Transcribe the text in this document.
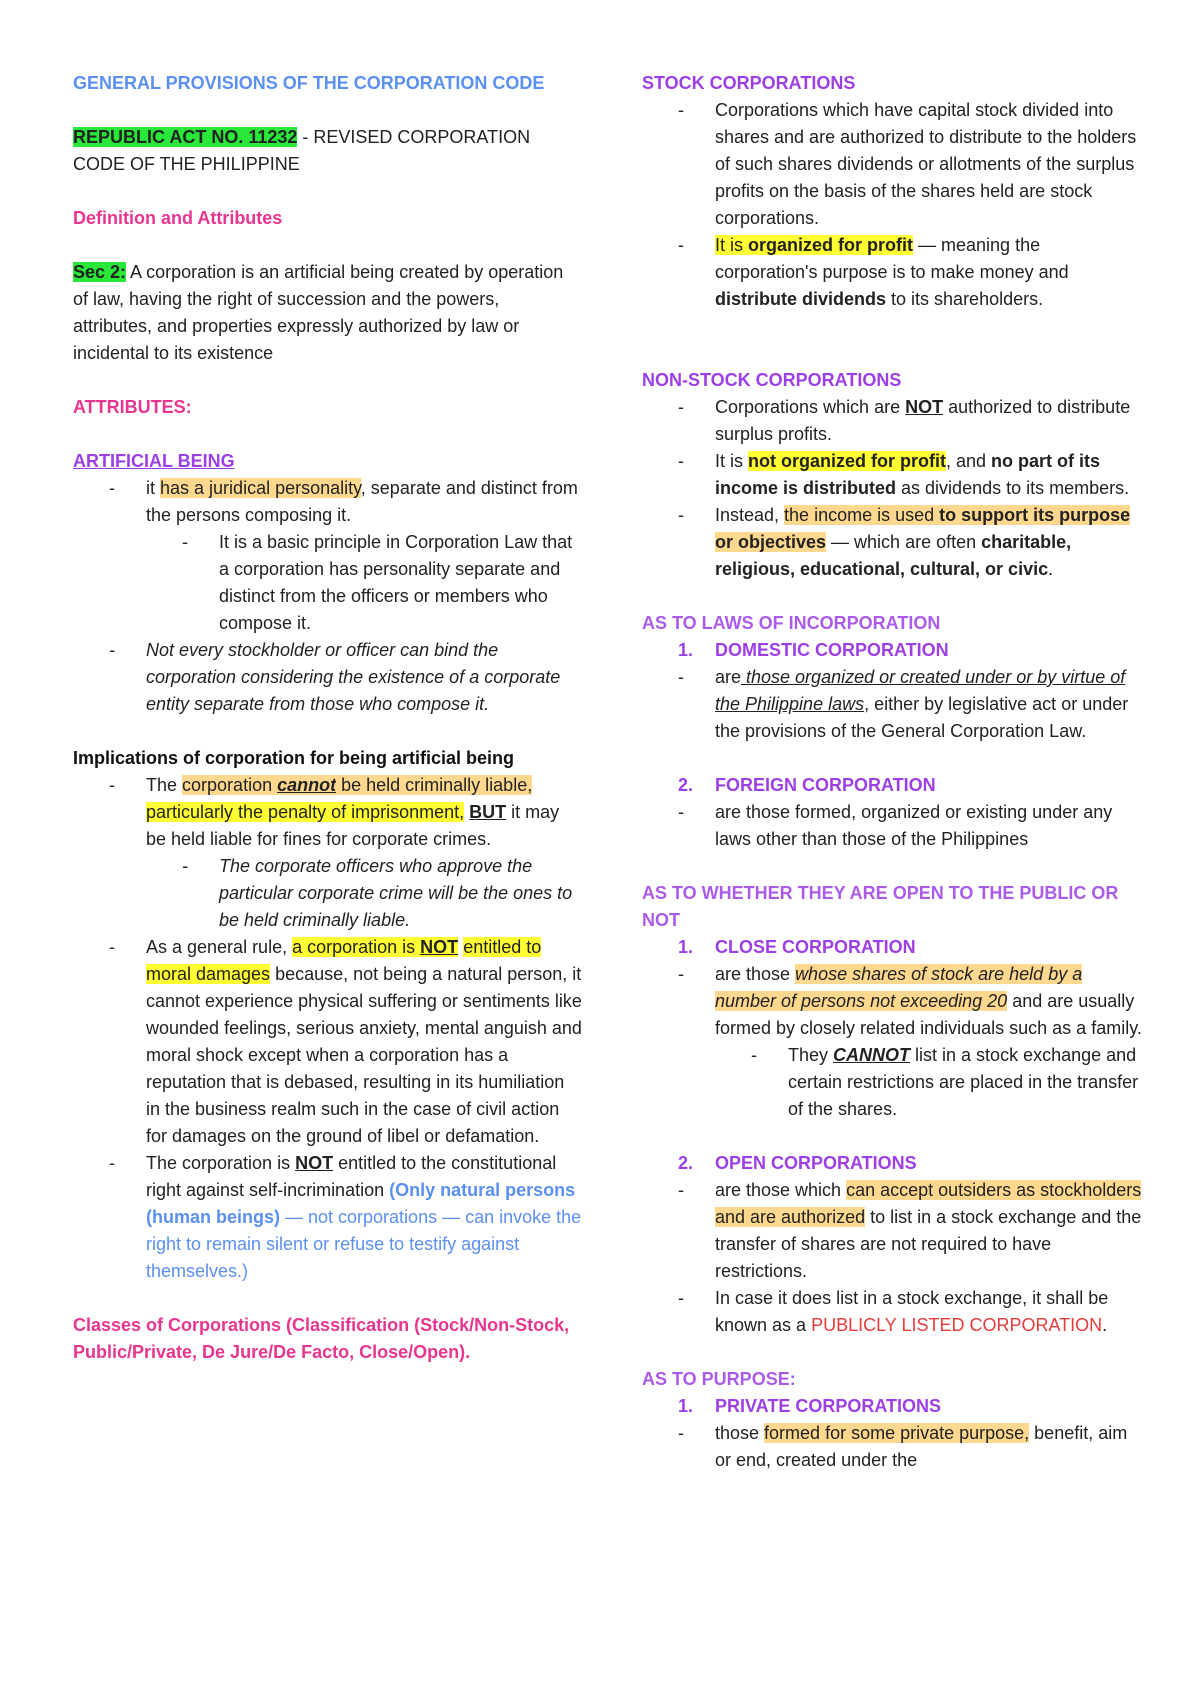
GENERAL PROVISIONS OF THE CORPORATION CODE

REPUBLIC ACT NO. 11232 - REVISED CORPORATION CODE OF THE PHILIPPINE

Definition and Attributes

Sec 2: A corporation is an artificial being created by operation of law, having the right of succession and the powers, attributes, and properties expressly authorized by law or incidental to its existence

ATTRIBUTES:

ARTIFICIAL BEING

- it has a juridical personality, separate and distinct from the persons composing it.
- It is a basic principle in Corporation Law that a corporation has personality separate and distinct from the officers or members who compose it.
- Not every stockholder or officer can bind the corporation considering the existence of a corporate entity separate from those who compose it.

Implications of corporation for being artificial being

- The corporation cannot be held criminally liable, particularly the penalty of imprisonment, BUT it may be held liable for fines for corporate crimes.
- The corporate officers who approve the particular corporate crime will be the ones to be held criminally liable.
- As a general rule, a corporation is NOT entitled to moral damages because, not being a natural person, it cannot experience physical suffering or sentiments like wounded feelings, serious anxiety, mental anguish and moral shock except when a corporation has a reputation that is debased, resulting in its humiliation in the business realm such in the case of civil action for damages on the ground of libel or defamation.
- The corporation is NOT entitled to the constitutional right against self-incrimination (Only natural persons (human beings) — not corporations — can invoke the right to remain silent or refuse to testify against themselves.)

Classes of Corporations (Classification (Stock/Non-Stock, Public/Private, De Jure/De Facto, Close/Open).

STOCK CORPORATIONS

- Corporations which have capital stock divided into shares and are authorized to distribute to the holders of such shares dividends or allotments of the surplus profits on the basis of the shares held are stock corporations.
- It is organized for profit — meaning the corporation's purpose is to make money and distribute dividends to its shareholders.

NON-STOCK CORPORATIONS

- Corporations which are NOT authorized to distribute surplus profits.
- It is not organized for profit, and no part of its income is distributed as dividends to its members.
- Instead, the income is used to support its purpose or objectives — which are often charitable, religious, educational, cultural, or civic.

AS TO LAWS OF INCORPORATION

1. DOMESTIC CORPORATION
- are those organized or created under or by virtue of the Philippine laws, either by legislative act or under the provisions of the General Corporation Law.
2. FOREIGN CORPORATION
- are those formed, organized or existing under any laws other than those of the Philippines

AS TO WHETHER THEY ARE OPEN TO THE PUBLIC OR NOT

1. CLOSE CORPORATION
- are those whose shares of stock are held by a number of persons not exceeding 20 and are usually formed by closely related individuals such as a family.
- They CANNOT list in a stock exchange and certain restrictions are placed in the transfer of the shares.
2. OPEN CORPORATIONS
- are those which can accept outsiders as stockholders and are authorized to list in a stock exchange and the transfer of shares are not required to have restrictions.
- In case it does list in a stock exchange, it shall be known as a PUBLICLY LISTED CORPORATION.

AS TO PURPOSE:

1. PRIVATE CORPORATIONS
- those formed for some private purpose, benefit, aim or end, created under the
